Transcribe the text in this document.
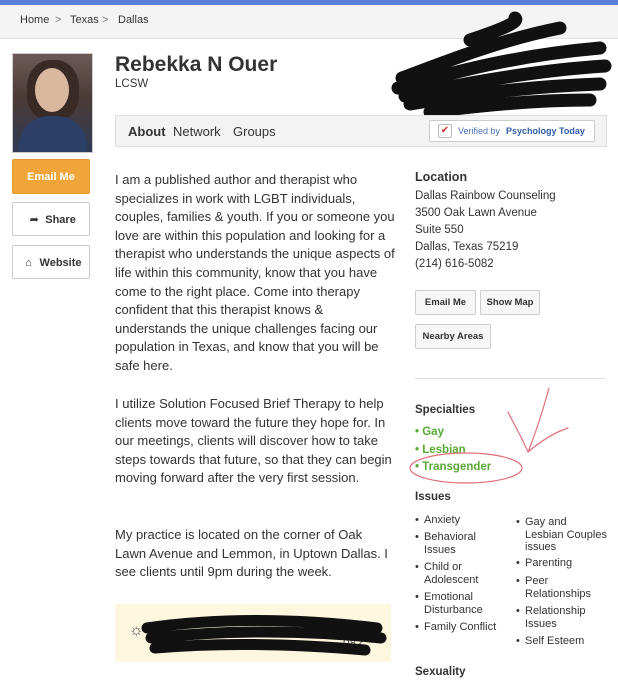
Home > Texas > Dallas
Rebekka N Ouer
LCSW
About Network Groups	✔ Verified by Psychology Today
Email Me
➦ Share
⌂ Website

I am a published author and therapist who specializes in work with LGBT individuals, couples, families & youth. If you or someone you love are within this population and looking for a therapist who understands the unique aspects of life within this community, know that you have come to the right place. Come into therapy confident that this therapist knows & understands the unique challenges facing our population in Texas, and know that you will be safe here.

I utilize Solution Focused Brief Therapy to help clients move toward the future they hope for. In our meetings, clients will discover how to take steps towards that future, so that they can begin moving forward after the very first session.

My practice is located on the corner of Oak Lawn Avenue and Lemmon, in Uptown Dallas. I see clients until 9pm during the week.

☼
082
Location
Dallas Rainbow Counseling
3500 Oak Lawn Avenue
Suite 550
Dallas, Texas 75219
(214) 616-5082
Email Me	Show Map
Nearby Areas
Specialties
• Gay
• Lesbian
• Transgender
Issues
• Anxiety
• Behavioral Issues
• Child or Adolescent
• Emotional Disturbance
• Family Conflict
• Gay and Lesbian Couples issues
• Parenting
• Peer Relationships
• Relationship Issues
• Self Esteem
Sexuality
